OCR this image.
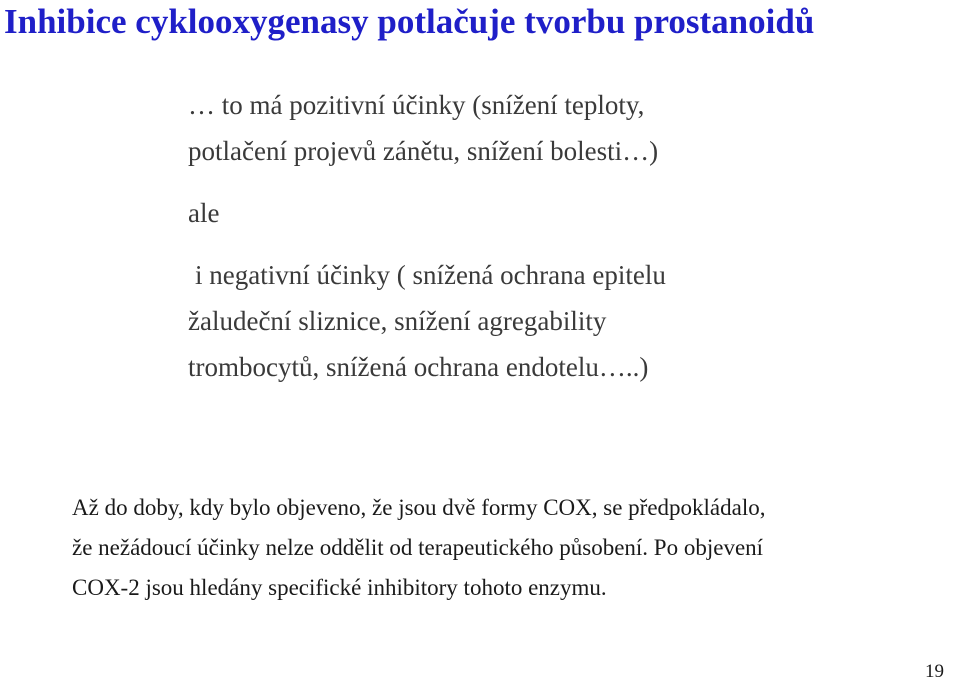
Inhibice cyklooxygenasy potlačuje tvorbu prostanoidů
… to má pozitivní účinky (snížení teploty,
potlačení projevů zánětu, snížení bolesti…)
ale
i negativní účinky ( snížená ochrana epitelu
žaludeční sliznice, snížení agregability
trombocytů, snížená ochrana endotelu…..)
Až do doby, kdy bylo objeveno, že jsou dvě formy COX, se předpokládalo,
že nežádoucí účinky nelze oddělit od terapeutického působení. Po objevení
COX-2 jsou hledány specifické inhibitory tohoto enzymu.
19
